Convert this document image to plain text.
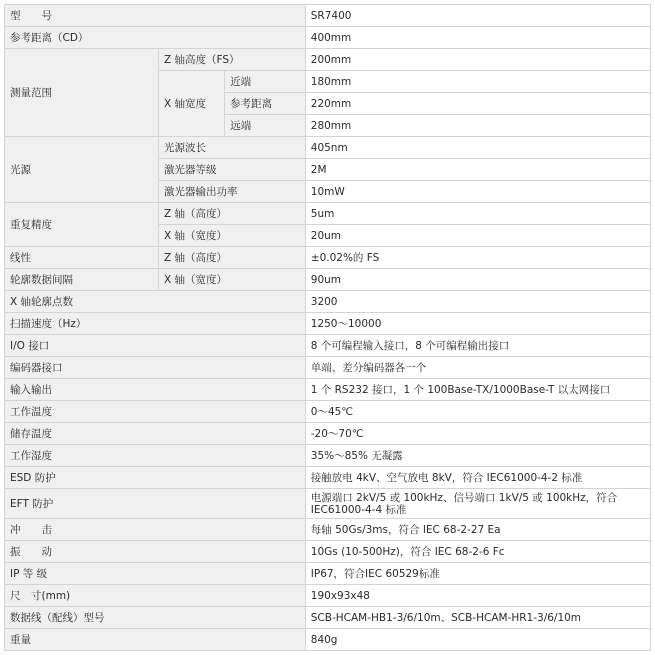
型　　号			SR7400
参考距离（CD）			400mm
测量范围	Z 轴高度（FS）		200mm
	X 轴宽度	近端	180mm
		参考距离	220mm
		远端	280mm
光源	光源波长		405nm
	激光器等级		2M
	激光器输出功率		10mW
重复精度	Z 轴（高度）		5um
	X 轴（宽度）		20um
线性	Z 轴（高度）		±0.02%的 FS
轮廓数据间隔	X 轴（宽度）		90um
X 轴轮廓点数			3200
扫描速度（Hz）			1250～10000
I/O 接口			8 个可编程输入接口，8 个可编程输出接口
编码器接口			单端、差分编码器各一个
输入输出			1 个 RS232 接口，1 个 100Base-TX/1000Base-T 以太网接口
工作温度			0～45℃
储存温度			-20～70℃
工作湿度			35%～85% 无凝露
ESD 防护			接触放电 4kV、空气放电 8kV，符合 IEC61000-4-2 标准
EFT 防护			电源端口 2kV/5 或 100kHz、信号端口 1kV/5 或 100kHz，符合 IEC61000-4-4 标准
冲　　击			每轴 50Gs/3ms，符合 IEC 68-2-27 Ea
振　　动			10Gs (10-500Hz)，符合 IEC 68-2-6 Fc
IP 等 级			IP67，符合IEC 60529标准
尺　寸(mm)			190x93x48
数据线（配线）型号			SCB-HCAM-HB1-3/6/10m、SCB-HCAM-HR1-3/6/10m
重量			840g
